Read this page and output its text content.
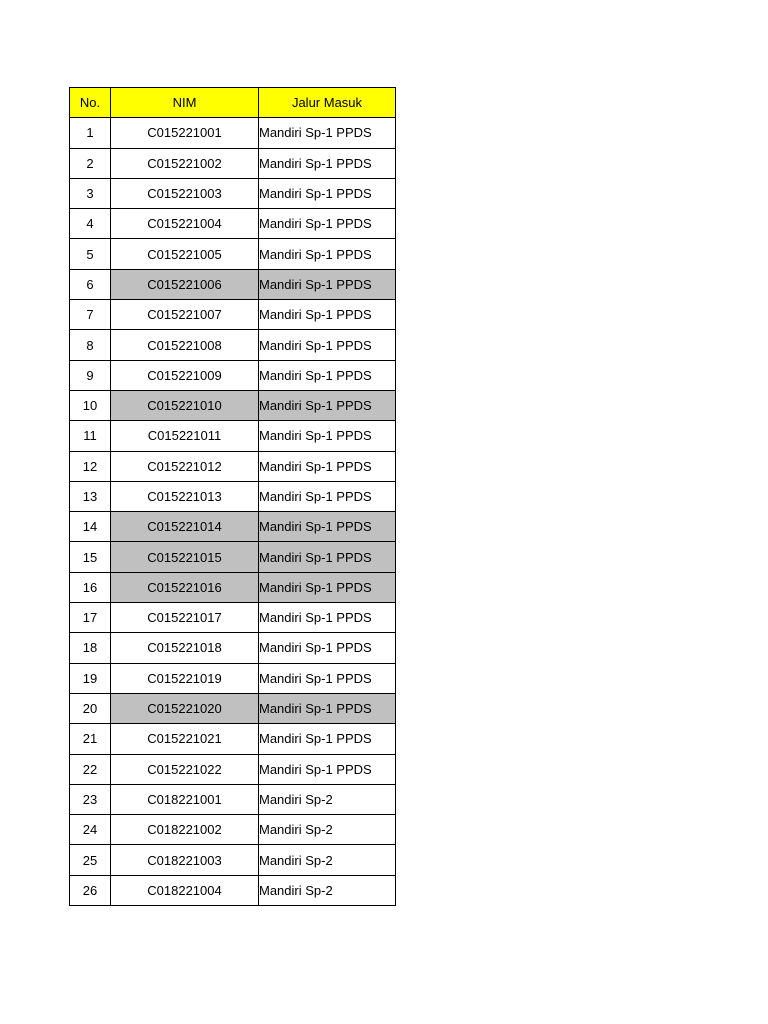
No.	NIM	Jalur Masuk
1	C015221001	Mandiri Sp-1 PPDS
2	C015221002	Mandiri Sp-1 PPDS
3	C015221003	Mandiri Sp-1 PPDS
4	C015221004	Mandiri Sp-1 PPDS
5	C015221005	Mandiri Sp-1 PPDS
6	C015221006	Mandiri Sp-1 PPDS
7	C015221007	Mandiri Sp-1 PPDS
8	C015221008	Mandiri Sp-1 PPDS
9	C015221009	Mandiri Sp-1 PPDS
10	C015221010	Mandiri Sp-1 PPDS
11	C015221011	Mandiri Sp-1 PPDS
12	C015221012	Mandiri Sp-1 PPDS
13	C015221013	Mandiri Sp-1 PPDS
14	C015221014	Mandiri Sp-1 PPDS
15	C015221015	Mandiri Sp-1 PPDS
16	C015221016	Mandiri Sp-1 PPDS
17	C015221017	Mandiri Sp-1 PPDS
18	C015221018	Mandiri Sp-1 PPDS
19	C015221019	Mandiri Sp-1 PPDS
20	C015221020	Mandiri Sp-1 PPDS
21	C015221021	Mandiri Sp-1 PPDS
22	C015221022	Mandiri Sp-1 PPDS
23	C018221001	Mandiri Sp-2
24	C018221002	Mandiri Sp-2
25	C018221003	Mandiri Sp-2
26	C018221004	Mandiri Sp-2
